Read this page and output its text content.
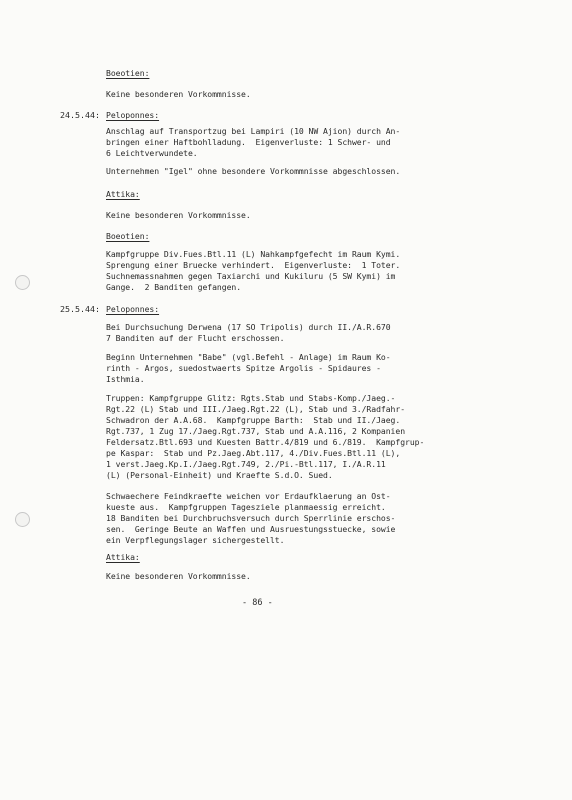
Boeotien:
Keine besonderen Vorkommnisse.
24.5.44: Peloponnes:
Anschlag auf Transportzug bei Lampiri (10 NW Ajion) durch An-
bringen einer Haftbohlladung.  Eigenverluste: 1 Schwer- und
6 Leichtverwundete.
Unternehmen "Igel" ohne besondere Vorkommnisse abgeschlossen.
Attika:
Keine besonderen Vorkommnisse.
Boeotien:
Kampfgruppe Div.Fues.Btl.11 (L) Nahkampfgefecht im Raum Kymi.
Sprengung einer Bruecke verhindert.  Eigenverluste:  1 Toter.
Suchnemassnahmen gegen Taxiarchi und Kukiluru (5 SW Kymi) im
Gange.  2 Banditen gefangen.
25.5.44: Peloponnes:
Bei Durchsuchung Derwena (17 SO Tripolis) durch II./A.R.670
7 Banditen auf der Flucht erschossen.
Beginn Unternehmen "Babe" (vgl.Befehl - Anlage) im Raum Ko-
rinth - Argos, suedostwaerts Spitze Argolis - Spidaures -
Isthmia.
Truppen: Kampfgruppe Glitz: Rgts.Stab und Stabs-Komp./Jaeg.-
Rgt.22 (L) Stab und III./Jaeg.Rgt.22 (L), Stab und 3./Radfahr-
Schwadron der A.A.68.  Kampfgruppe Barth:  Stab und II./Jaeg.
Rgt.737, 1 Zug 17./Jaeg.Rgt.737, Stab und A.A.116, 2 Kompanien
Feldersatz.Btl.693 und Kuesten Battr.4/819 und 6./819.  Kampfgrup-
pe Kaspar:  Stab und Pz.Jaeg.Abt.117, 4./Div.Fues.Btl.11 (L),
1 verst.Jaeg.Kp.I./Jaeg.Rgt.749, 2./Pi.-Btl.117, I./A.R.11
(L) (Personal-Einheit) und Kraefte S.d.O. Sued.
Schwaechere Feindkraefte weichen vor Erdaufklaerung an Ost-
kueste aus.  Kampfgruppen Tagesziele planmaessig erreicht.
18 Banditen bei Durchbruchsversuch durch Sperrlinie erschos-
sen.  Geringe Beute an Waffen und Ausruestungsstuecke, sowie
ein Verpflegungslager sichergestellt.
Attika:
Keine besonderen Vorkommnisse.
- 86 -
